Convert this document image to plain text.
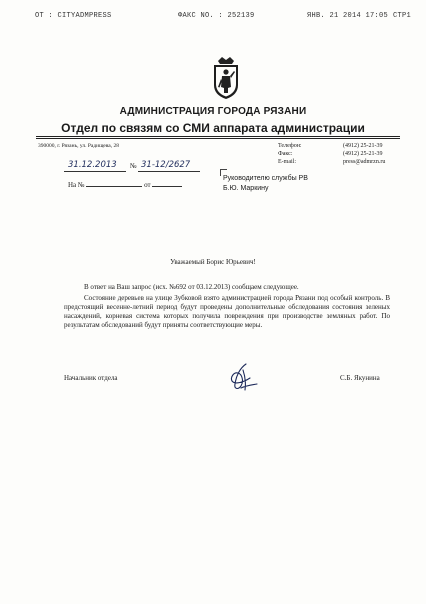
OT : CITYADMPRESS	ФАКС NO. : 252139	ЯНВ. 21 2014 17:05 СТР1
АДМИНИСТРАЦИЯ ГОРОДА РЯЗАНИ
Отдел по связям со СМИ аппарата администрации
390000, г. Рязань, ул. Радищева, 28	Телефон:	(4912) 25-21-39
Факс:	(4912) 25-21-39
E-mail:	press@admrzn.ru
31.12.2013 № 31-12/2627
На №	от
Руководителю службы РВ
Б.Ю. Маркину
Уважаемый Борис Юрьевич!
В ответ на Ваш запрос (исх. №692 от 03.12.2013) сообщаем следующее.
Состояние деревьев на улице Зубковой взято администрацией города Рязани под особый контроль. В предстоящий весенне-летний период будут проведены дополнительные обследования состояния зеленых насаждений, корневая система которых получила повреждения при производстве земляных работ. По результатам обследований будут приняты соответствующие меры.
Начальник отдела	С.Б. Якунина
